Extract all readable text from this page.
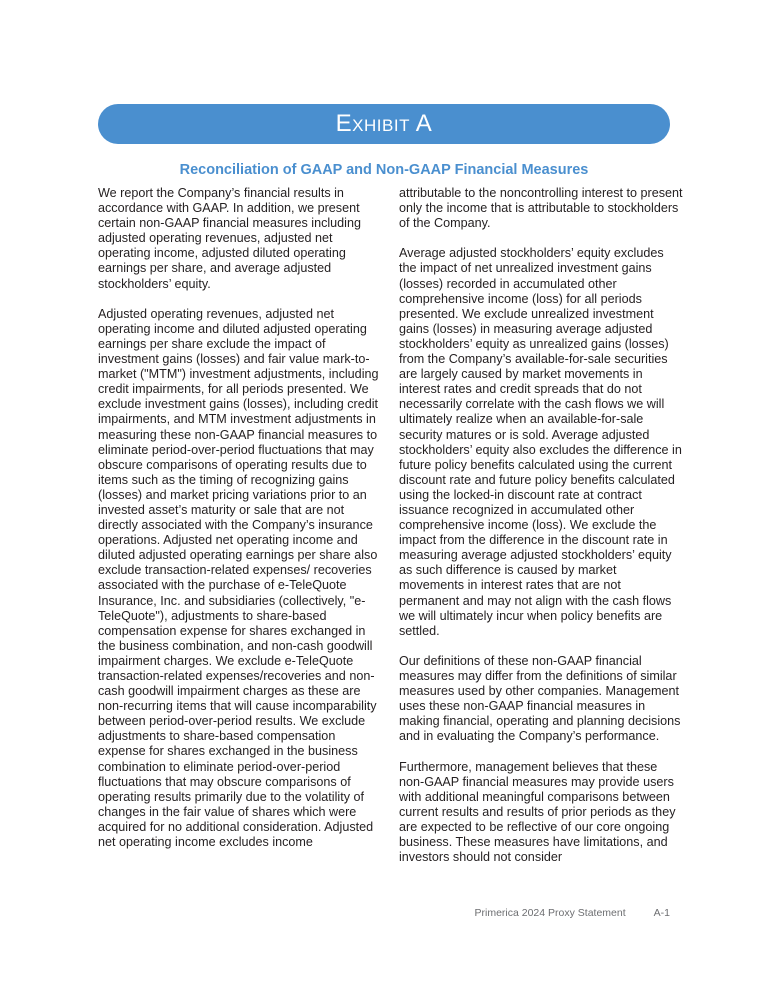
Exhibit A
Reconciliation of GAAP and Non-GAAP Financial Measures

We report the Company’s financial results in accordance with GAAP. In addition, we present certain non-GAAP financial measures including adjusted operating revenues, adjusted net operating income, adjusted diluted operating earnings per share, and average adjusted stockholders’ equity.

Adjusted operating revenues, adjusted net operating income and diluted adjusted operating earnings per share exclude the impact of investment gains (losses) and fair value mark-to-market ("MTM") investment adjustments, including credit impairments, for all periods presented. We exclude investment gains (losses), including credit impairments, and MTM investment adjustments in measuring these non-GAAP financial measures to eliminate period-over-period fluctuations that may obscure comparisons of operating results due to items such as the timing of recognizing gains (losses) and market pricing variations prior to an invested asset’s maturity or sale that are not directly associated with the Company’s insurance operations. Adjusted net operating income and diluted adjusted operating earnings per share also exclude transaction-related expenses/ recoveries associated with the purchase of e-TeleQuote Insurance, Inc. and subsidiaries (collectively, "e-TeleQuote"), adjustments to share-based compensation expense for shares exchanged in the business combination, and non-cash goodwill impairment charges. We exclude e-TeleQuote transaction-related expenses/recoveries and non-cash goodwill impairment charges as these are non-recurring items that will cause incomparability between period-over-period results. We exclude adjustments to share-based compensation expense for shares exchanged in the business combination to eliminate period-over-period fluctuations that may obscure comparisons of operating results primarily due to the volatility of changes in the fair value of shares which were acquired for no additional consideration. Adjusted net operating income excludes income

attributable to the noncontrolling interest to present only the income that is attributable to stockholders of the Company.

Average adjusted stockholders’ equity excludes the impact of net unrealized investment gains (losses) recorded in accumulated other comprehensive income (loss) for all periods presented. We exclude unrealized investment gains (losses) in measuring average adjusted stockholders’ equity as unrealized gains (losses) from the Company’s available-for-sale securities are largely caused by market movements in interest rates and credit spreads that do not necessarily correlate with the cash flows we will ultimately realize when an available-for-sale security matures or is sold. Average adjusted stockholders’ equity also excludes the difference in future policy benefits calculated using the current discount rate and future policy benefits calculated using the locked-in discount rate at contract issuance recognized in accumulated other comprehensive income (loss). We exclude the impact from the difference in the discount rate in measuring average adjusted stockholders’ equity as such difference is caused by market movements in interest rates that are not permanent and may not align with the cash flows we will ultimately incur when policy benefits are settled.

Our definitions of these non-GAAP financial measures may differ from the definitions of similar measures used by other companies. Management uses these non-GAAP financial measures in making financial, operating and planning decisions and in evaluating the Company’s performance.

Furthermore, management believes that these non-GAAP financial measures may provide users with additional meaningful comparisons between current results and results of prior periods as they are expected to be reflective of our core ongoing business. These measures have limitations, and investors should not consider

Primerica 2024 Proxy Statement	A-1
